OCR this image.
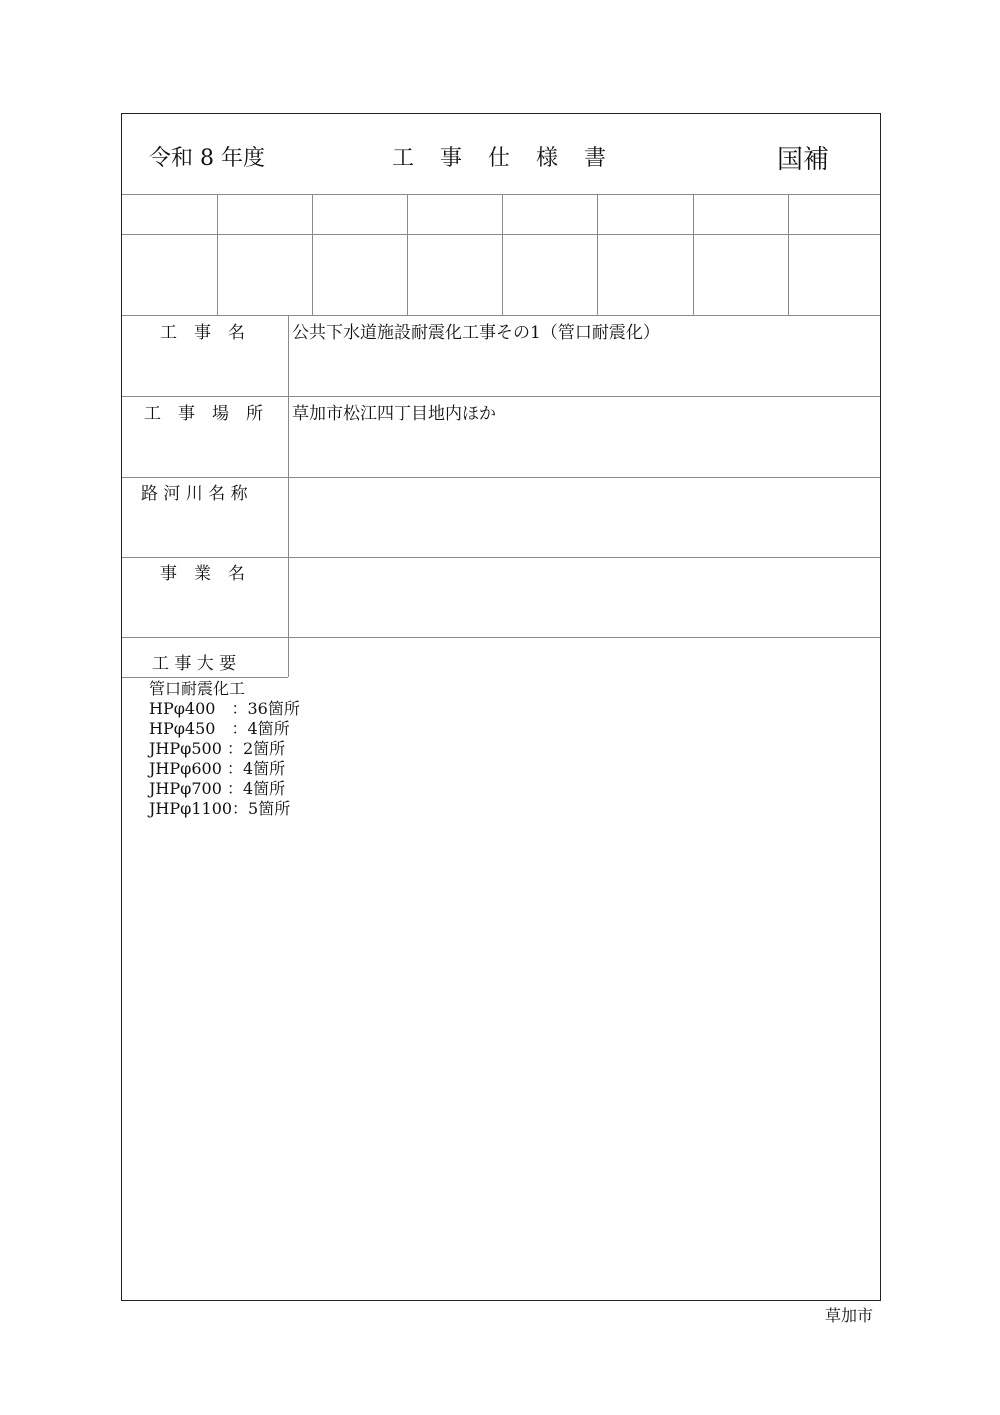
令和 8 年度	工事仕様書	国補
工　事　名	公共下水道施設耐震化工事その1（管口耐震化）
工　事　場　所 草加市松江四丁目地内ほか
路 河 川 名 称
事　業　名
工 事 大 要
管口耐震化工
HPφ400　：36箇所
HPφ450　：4箇所
JHPφ500 ：2箇所
JHPφ600 ：4箇所
JHPφ700 ：4箇所
JHPφ1100：5箇所
草加市
